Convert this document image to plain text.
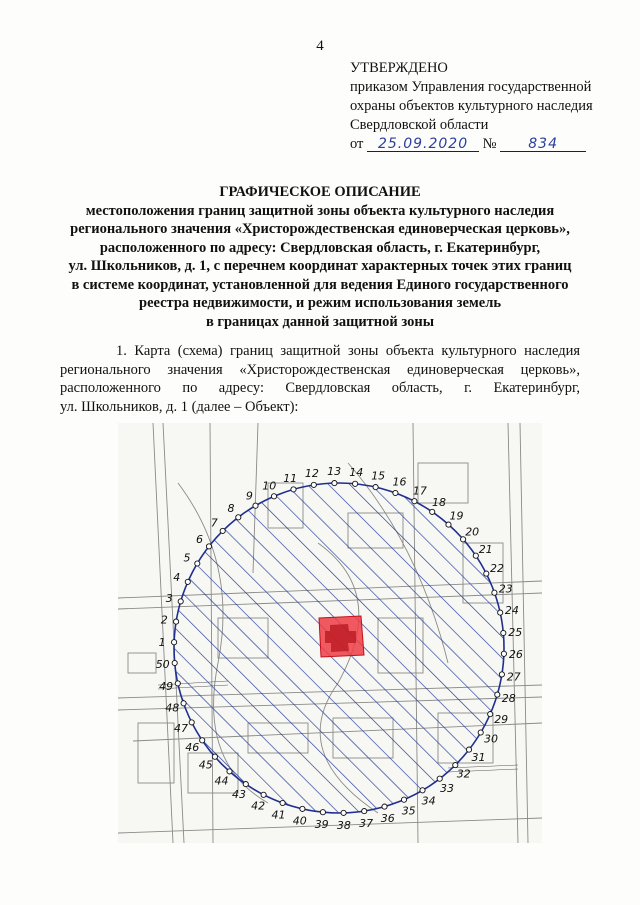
4
УТВЕРЖДЕНО
приказом Управления государственной
охраны объектов культурного наследия
Свердловской области
от 25.09.2020 № 834
ГРАФИЧЕСКОЕ ОПИСАНИЕ
местоположения границ защитной зоны объекта культурного наследия
регионального значения «Христорождественская единоверческая церковь»,
расположенного по адресу: Свердловская область, г. Екатеринбург,
ул. Школьников, д. 1, с перечнем координат характерных точек этих границ
в системе координат, установленной для ведения Единого государственного
реестра недвижимости, и режим использования земель
в границах данной защитной зоны
1. Карта (схема) границ защитной зоны объекта культурного наследия
регионального значения «Христорождественская единоверческая церковь»,
расположенного по адресу: Свердловская область, г. Екатеринбург,
ул. Школьников, д. 1 (далее – Объект):
1
2
3
4
5
6
7
8
9
10
11 12 13 14 15 16
17
18
19
20
21
22
23
24
25
26
27
28
29
30
31
32
33
34
35
36
37
38
39
40
41
42
43
44
45
46
47
48
49
50
